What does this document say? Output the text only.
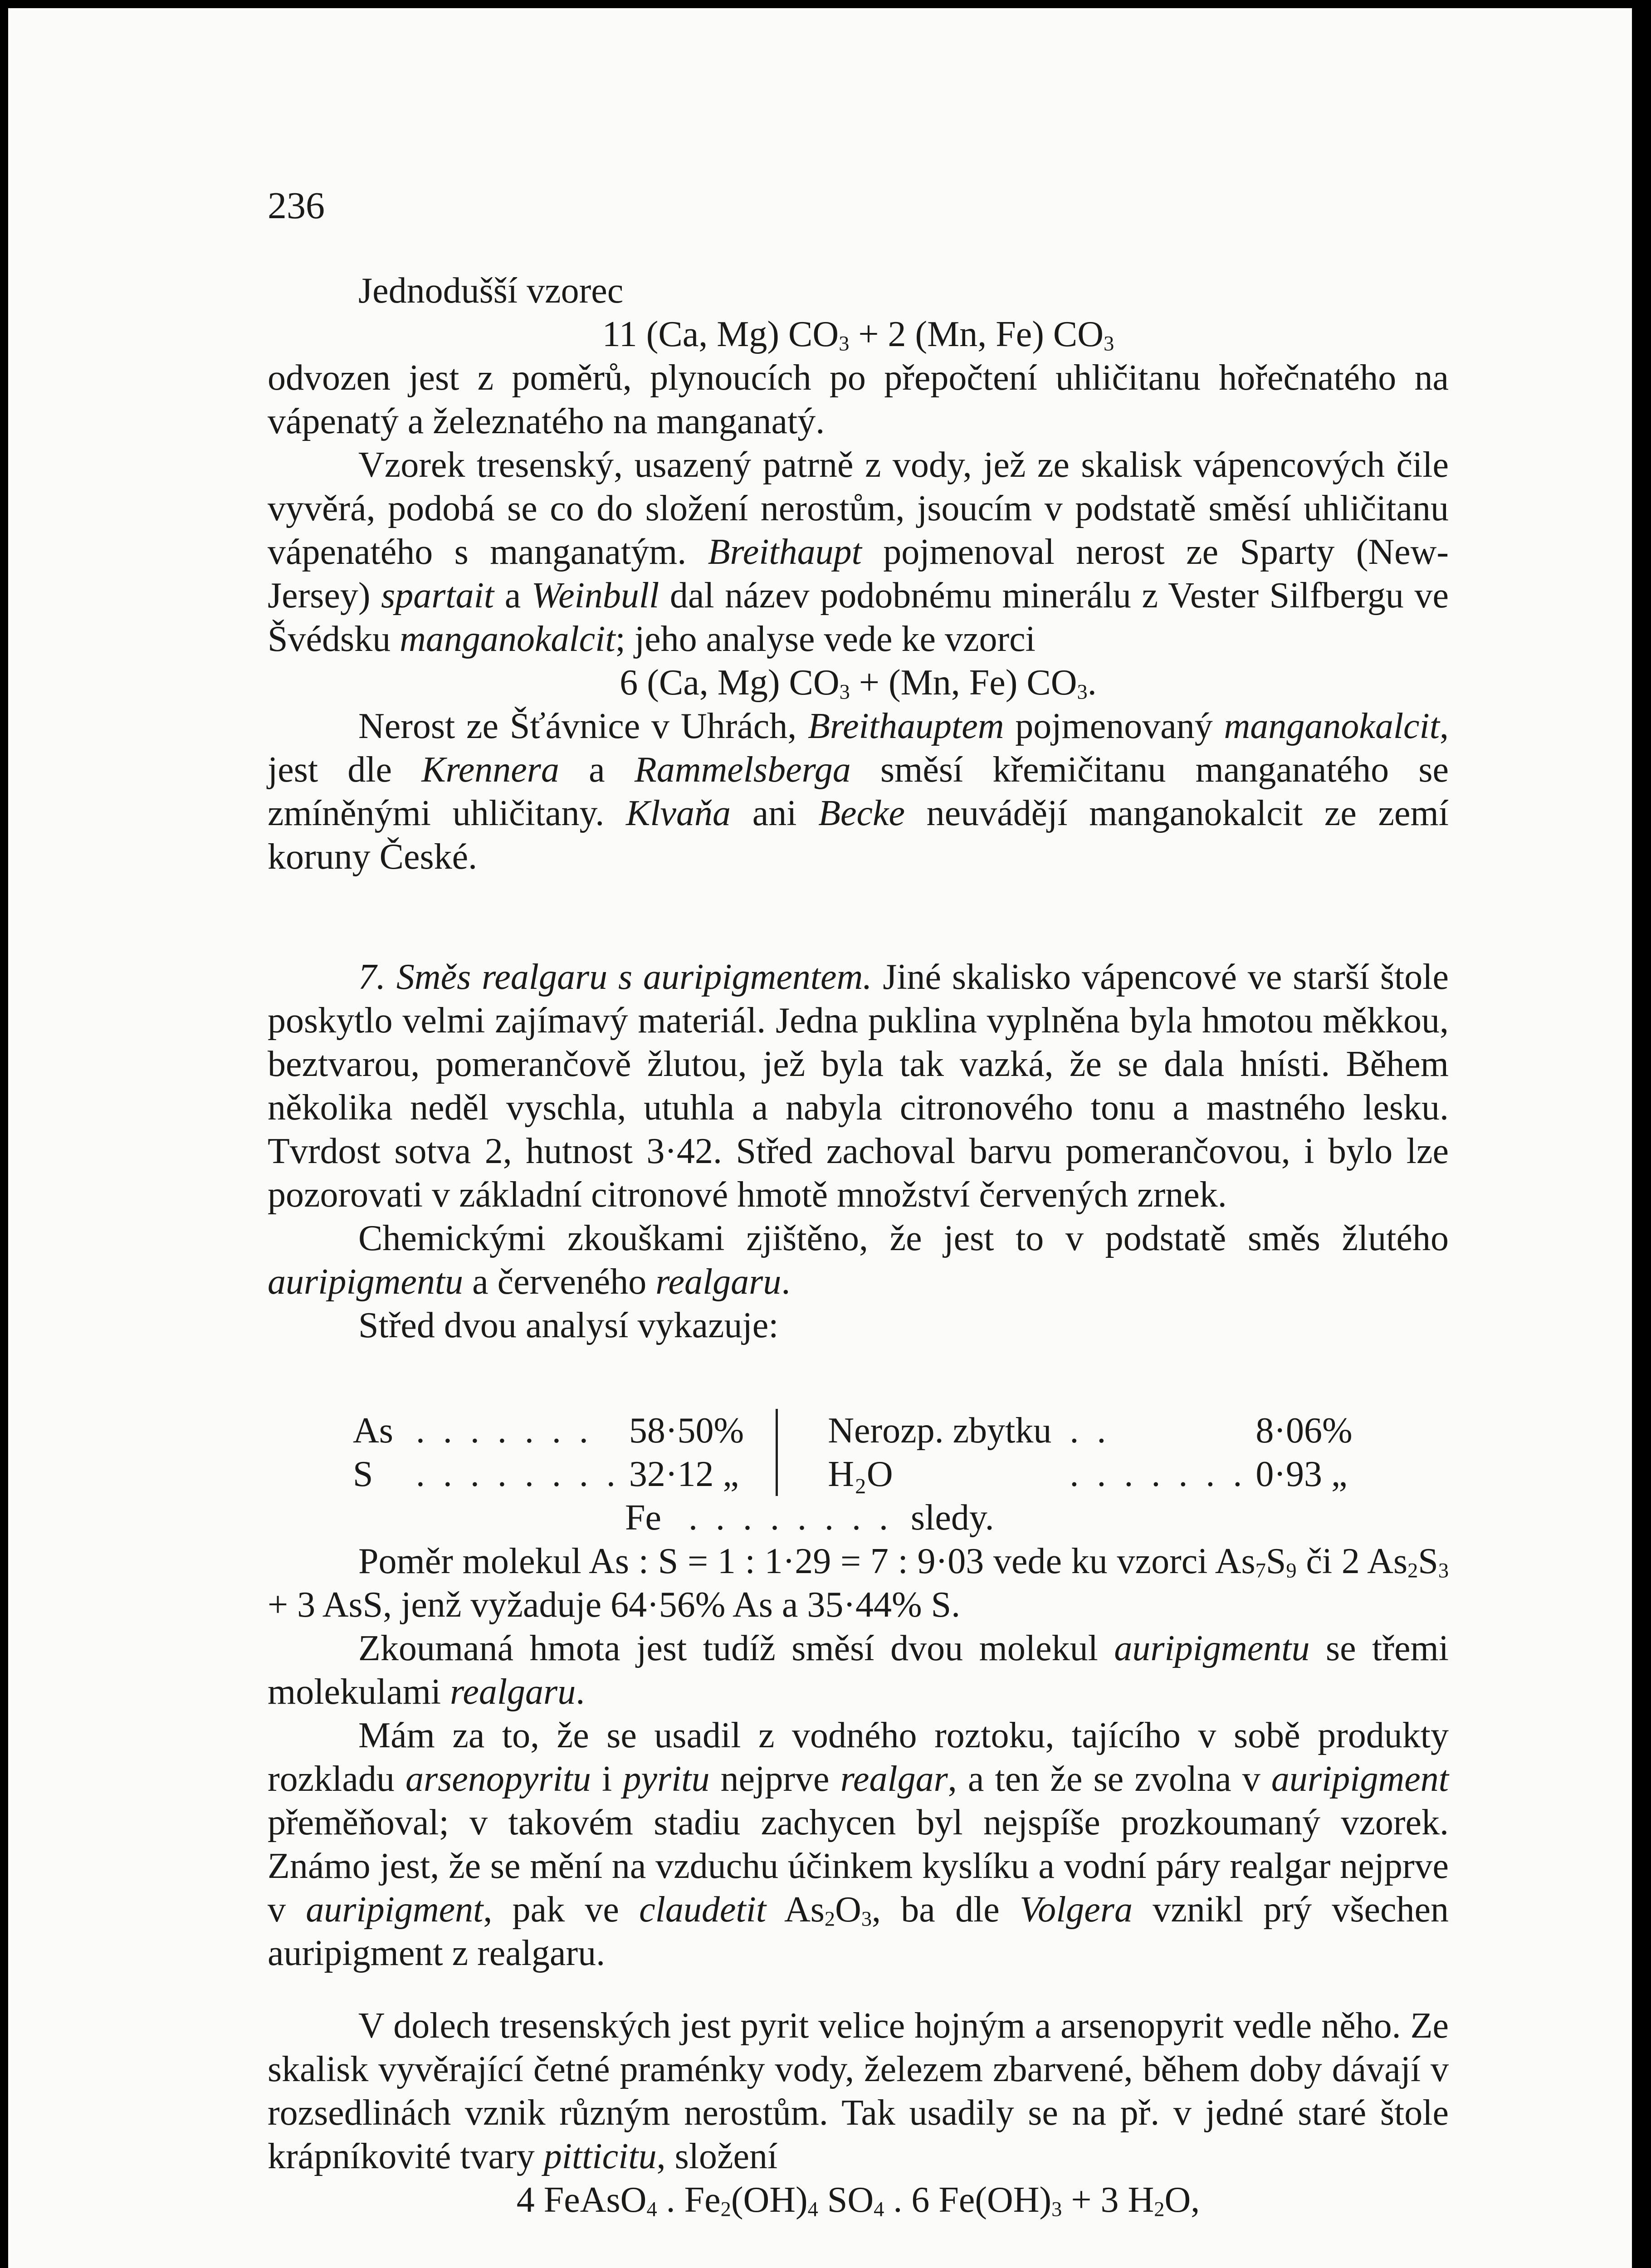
236

Jednodušší vzorec

11 (Ca, Mg) $CO_3 + 2$ (Mn, Fe) $CO_3$

odvozen jest z poměrů, plynoucích po přepočtení uhličitanu hořečnatého na vápenatý a železnatého na manganatý.

Vzorek tresenský, usazený patrně z vody, jež ze skalisk vápencových čile vyvěrá, podobá se co do složení nerostům, jsoucím v podstatě směsí uhličitanu vápenatého s manganatým. Breithaupt pojmenoval nerost ze Sparty (New-Jersey) spartait a Weinbull dal název podobnému minerálu z Vester Silfbergu ve Švédsku manganokalcit; jeho analyse vede ke vzorci

6 (Ca, Mg) $CO_3 + (Mn$, Fe) $CO_3$.

Nerost ze Šťávnice v Uhrách, Breithauptem pojmenovaný manganokalcit, jest dle Krennera a Rammelsberga směsí křemičitanu manganatého se zmíněnými uhličitany. Klvaňa ani Becke neuvádějí manganokalcit ze zemí koruny České.

7. Směs realgaru s auripigmentem. Jiné skalisko vápencové ve starší štole poskytlo velmi zajímavý materiál. Jedna puklina vyplněna byla hmotou měkkou, beztvarou, pomerančově žlutou, jež byla tak vazká, že se dala hnísti. Během několika neděl vyschla, utuhla a nabyla citronového tonu a mastného lesku. Tvrdost sotva 2, hutnost 3·42. Střed zachoval barvu pomerančovou, i bylo lze pozorovati v základní citronové hmotě množství červených zrnek.

Chemickými zkouškami zjištěno, že jest to v podstatě směs žlutého auripigmentu a červeného realgaru.

Střed dvou analysí vykazuje:

As	. . . . . . .	58·50%	Nerozp. zbytku	. .	8·06%
S	. . . . . . . .	32·12 „	H₂O	. . . . . . .	0·93 „
Fe . . . . . . . . sledy.

Poměr molekul As : S = 1 : 1·29 = 7 : 9·03 vede ku vzorci $As_7S_9$ či 2 $As_2S_3 + 3$ AsS, jenž vyžaduje 64·56% As a 35·44% S.

Zkoumaná hmota jest tudíž směsí dvou molekul auripigmentu se třemi molekulami realgaru.

Mám za to, že se usadil z vodného roztoku, tajícího v sobě produkty rozkladu arsenopyritu i pyritu nejprve realgar, a ten že se zvolna v auripigment přeměňoval; v takovém stadiu zachycen byl nejspíše prozkoumaný vzorek. Známo jest, že se mění na vzduchu účinkem kyslíku a vodní páry realgar nejprve v auripigment, pak ve claudetit $As_2O_3$, ba dle Volgera vznikl prý všechen auripigment z realgaru.

V dolech tresenských jest pyrit velice hojným a arsenopyrit vedle něho. Ze skalisk vyvěrající četné praménky vody, železem zbarvené, během doby dávají v rozsedlinách vznik různým nerostům. Tak usadily se na př. v jedné staré štole krápníkovité tvary pitticitu, složení

4 FeAsO$_4$ . $Fe_2(OH)_4$ $SO_4$ . 6 $Fe(OH)_3 + 3$ $H_2O$,
